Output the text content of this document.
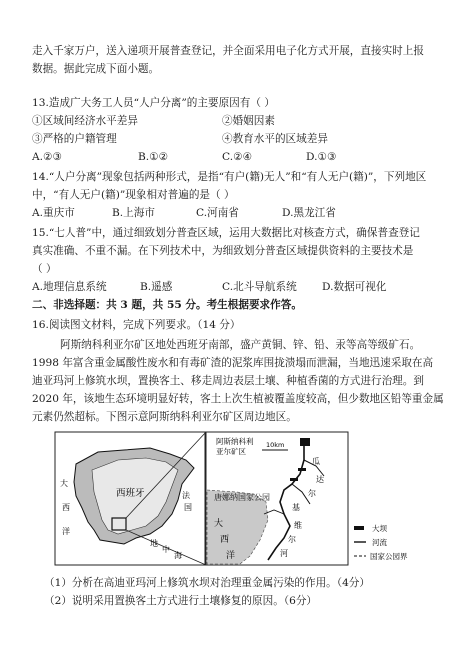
走入千家万户，送入递项开展普查登记，并全面采用电子化方式开展，直接实时上报
数据。据此完成下面小题。
13.造成广大务工人员“人户分离”的主要原因有（ ）
①区域间经济水平差异	②婚姻因素
③严格的户籍管理	④教育水平的区域差异
A.②③	B.①②	C.②④	D.①③
14.“人户分离”现象包括两种形式，是指“有户(籍)无人”和“有人无户(籍)”，下列地区
中，“有人无户(籍)”现象相对普遍的是（ ）
A.重庆市	B.上海市	C.河南省	D.黑龙江省
15.“七人普”中，通过细致划分普查区域，运用大数据比对核查方式，确保普查登记
真实准确、不重不漏。在下列技术中，为细致划分普查区域提供资料的主要技术是
（ ）
A.地理信息系统	B.遥感	C.北斗导航系统 D.数据可视化
二、非选择题：共 3 题，共 55 分。考生根据要求作答。
16.阅读图文材料，完成下列要求。（14 分）
阿斯纳科利亚尔矿区地处西班牙南部，盛产黄铜、锌、铅、汞等高等级矿石。
1998 年富含重金属酸性废水和有毒矿渣的泥浆库围拢溃塌而泄漏，当地迅速采取在高
迪亚玛河上修筑水坝，置换客土、移走周边表层土壤、种植香菌的方式进行治理。到
2020 年，该地生态环境明显好转，客土上次生植被覆盖度较高，但少数地区铅等重金属
元素仍然超标。下图示意阿斯纳科利亚尔矿区周边地区。
西班牙	法
国
大
西
洋
地
中
海
阿斯纳科利
亚尔矿区
10km
唐娜纳国家公园
大
西
洋
瓜
达
尔
基
维
尔
河
大坝
河流
国家公园界
（1）分析在高迪亚玛河上修筑水坝对治理重金属污染的作用。（4分）
（2）说明采用置换客土方式进行土壤修复的原因。（6分）
